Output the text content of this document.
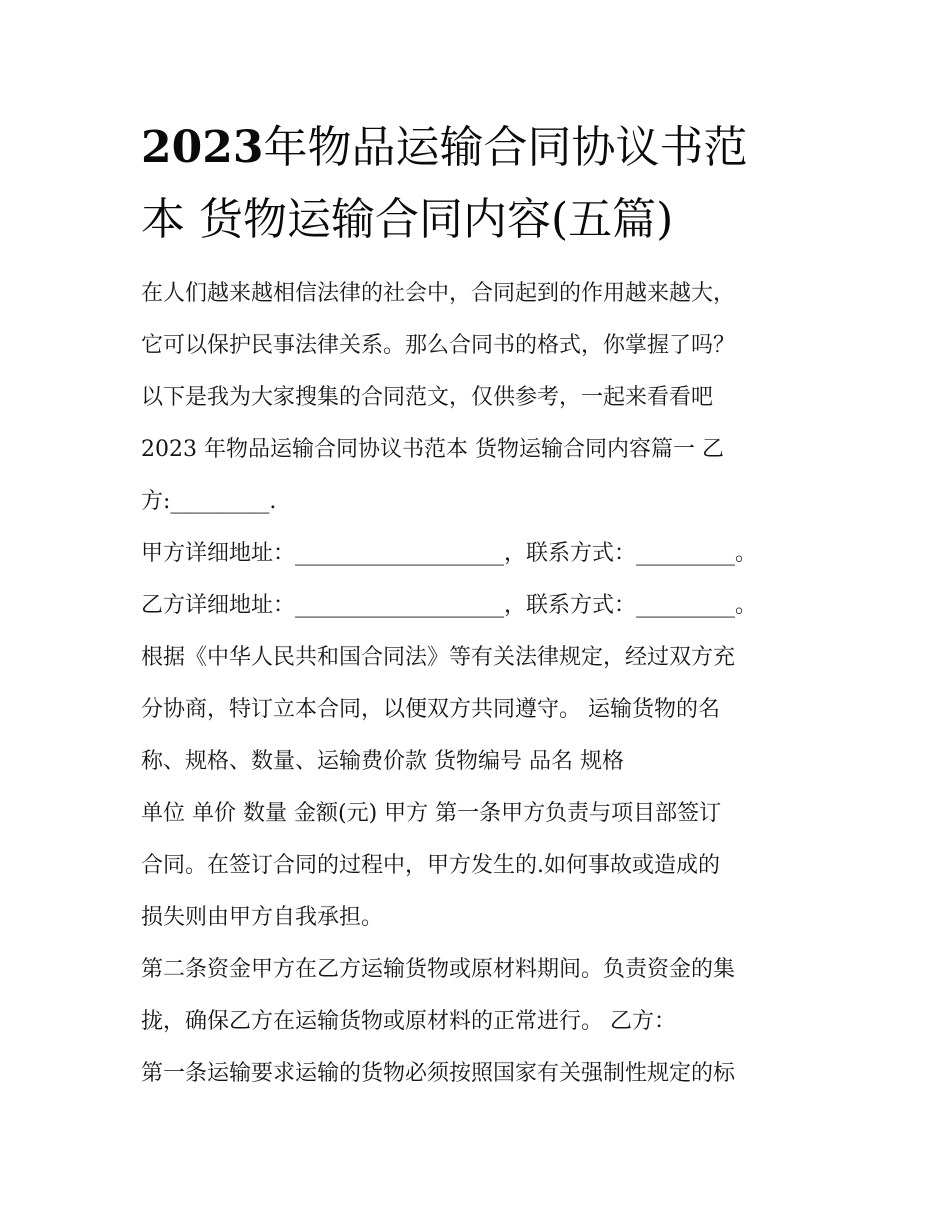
2023年物品运输合同协议书范
本 货物运输合同内容(五篇)

在人们越来越相信法律的社会中，合同起到的作用越来越大，

它可以保护民事法律关系。那么合同书的格式，你掌握了吗？

以下是我为大家搜集的合同范文，仅供参考，一起来看看吧

2023 年物品运输合同协议书范本 货物运输合同内容篇一 乙

方:_________.

甲方详细地址：___________________，联系方式：_________。

乙方详细地址：___________________，联系方式：_________。

根据《中华人民共和国合同法》等有关法律规定，经过双方充

分协商，特订立本合同，以便双方共同遵守。 运输货物的名

称、规格、数量、运输费价款 货物编号 品名 规格

单位 单价 数量 金额(元) 甲方 第一条甲方负责与项目部签订

合同。在签订合同的过程中，甲方发生的.如何事故或造成的

损失则由甲方自我承担。

第二条资金甲方在乙方运输货物或原材料期间。负责资金的集

拢，确保乙方在运输货物或原材料的正常进行。 乙方：

第一条运输要求运输的货物必须按照国家有关强制性规定的标
